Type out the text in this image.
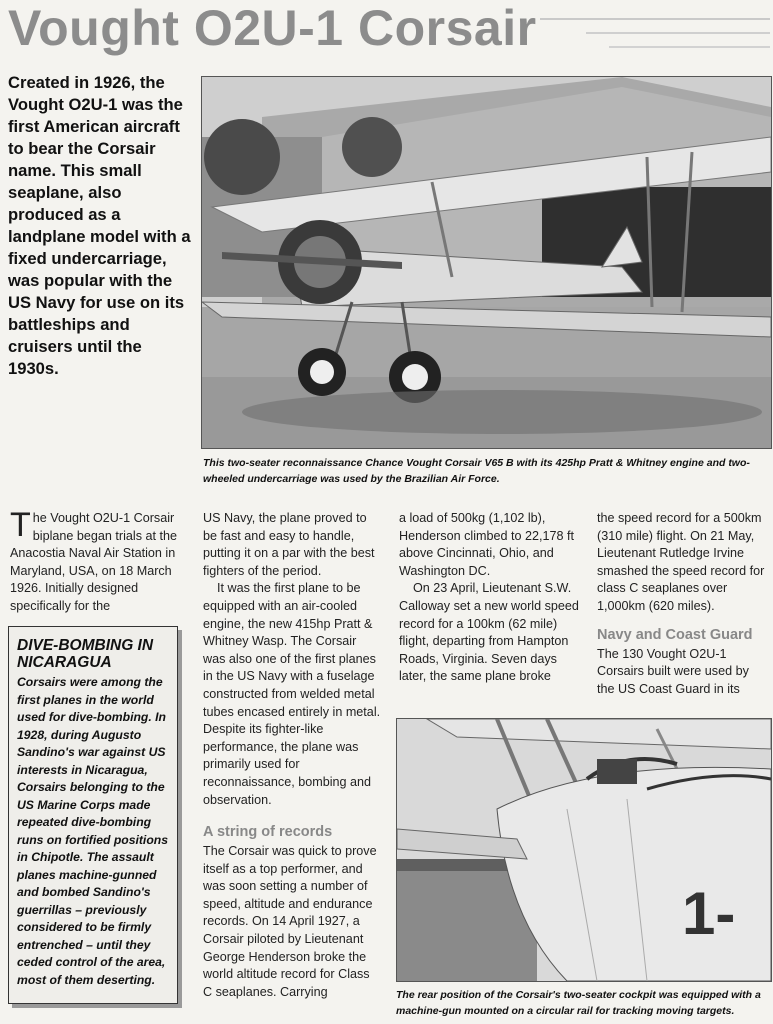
Vought O2U-1 Corsair
Created in 1926, the Vought O2U-1 was the first American aircraft to bear the Corsair name. This small seaplane, also produced as a landplane model with a fixed undercarriage, was popular with the US Navy for use on its battleships and cruisers until the 1930s.
This two-seater reconnaissance Chance Vought Corsair V65 B with its 425hp Pratt & Whitney engine and two-wheeled undercarriage was used by the Brazilian Air Force.
1-
The rear position of the Corsair's two-seater cockpit was equipped with a machine-gun mounted on a circular rail for tracking moving targets.

The Vought O2U-1 Corsair biplane began trials at the Anacostia Naval Air Station in Maryland, USA, on 18 March 1926. Initially designed specifically for the

US Navy, the plane proved to be fast and easy to handle, putting it on a par with the best fighters of the period.

It was the first plane to be equipped with an air-cooled engine, the new 415hp Pratt & Whitney Wasp. The Corsair was also one of the first planes in the US Navy with a fuselage constructed from welded metal tubes encased entirely in metal. Despite its fighter-like performance, the plane was primarily used for reconnaissance, bombing and observation.

A string of records

The Corsair was quick to prove itself as a top performer, and was soon setting a number of speed, altitude and endurance records. On 14 April 1927, a Corsair piloted by Lieutenant George Henderson broke the world altitude record for Class C seaplanes. Carrying

a load of 500kg (1,102 lb), Henderson climbed to 22,178 ft above Cincinnati, Ohio, and Washington DC.

On 23 April, Lieutenant S.W. Calloway set a new world speed record for a 100km (62 mile) flight, departing from Hampton Roads, Virginia. Seven days later, the same plane broke

the speed record for a 500km (310 mile) flight. On 21 May, Lieutenant Rutledge Irvine smashed the speed record for class C seaplanes over 1,000km (620 miles).

Navy and Coast Guard

The 130 Vought O2U-1 Corsairs built were used by the US Coast Guard in its

DIVE-BOMBING IN NICARAGUA
Corsairs were among the first planes in the world used for dive-bombing. In 1928, during Augusto Sandino's war against US interests in Nicaragua, Corsairs belonging to the US Marine Corps made repeated dive-bombing runs on fortified positions in Chipotle. The assault planes machine-gunned and bombed Sandino's guerrillas – previously considered to be firmly entrenched – until they ceded control of the area, most of them deserting.
